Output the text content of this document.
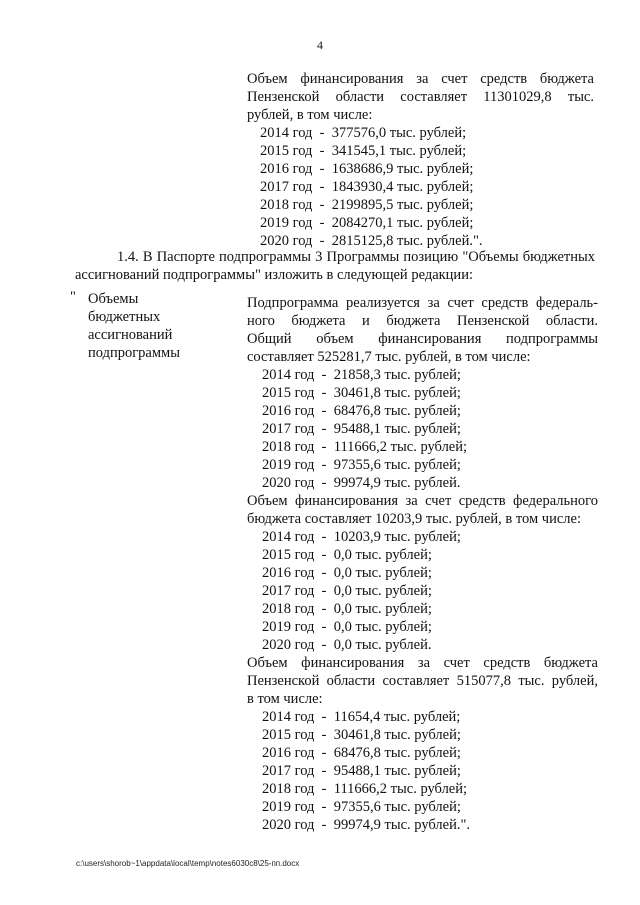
4
Объем финансирования за счет средств бюджета
Пензенской области составляет 11301029,8 тыс.
рублей, в том числе:
2014 год  -  377576,0 тыс. рублей;
2015 год  -  341545,1 тыс. рублей;
2016 год  -  1638686,9 тыс. рублей;
2017 год  -  1843930,4 тыс. рублей;
2018 год  -  2199895,5 тыс. рублей;
2019 год  -  2084270,1 тыс. рублей;
2020 год  -  2815125,8 тыс. рублей.".
1.4. В Паспорте подпрограммы 3 Программы позицию "Объемы бюджетных
ассигнований подпрограммы" изложить в следующей редакции:
" Объемы
бюджетных
ассигнований
подпрограммы
Подпрограмма реализуется за счет средств федераль-
ного бюджета и бюджета Пензенской области.
Общий объем финансирования подпрограммы
составляет 525281,7 тыс. рублей, в том числе:
2014 год  -  21858,3 тыс. рублей;
2015 год  -  30461,8 тыс. рублей;
2016 год  -  68476,8 тыс. рублей;
2017 год  -  95488,1 тыс. рублей;
2018 год  -  111666,2 тыс. рублей;
2019 год  -  97355,6 тыс. рублей;
2020 год  -  99974,9 тыс. рублей.
Объем финансирования за счет средств федерального
бюджета составляет 10203,9 тыс. рублей, в том числе:
2014 год  -  10203,9 тыс. рублей;
2015 год  -  0,0 тыс. рублей;
2016 год  -  0,0 тыс. рублей;
2017 год  -  0,0 тыс. рублей;
2018 год  -  0,0 тыс. рублей;
2019 год  -  0,0 тыс. рублей;
2020 год  -  0,0 тыс. рублей.
Объем финансирования за счет средств бюджета
Пензенской области составляет 515077,8 тыс. рублей,
в том числе:
2014 год  -  11654,4 тыс. рублей;
2015 год  -  30461,8 тыс. рублей;
2016 год  -  68476,8 тыс. рублей;
2017 год  -  95488,1 тыс. рублей;
2018 год  -  111666,2 тыс. рублей;
2019 год  -  97355,6 тыс. рублей;
2020 год  -  99974,9 тыс. рублей.".
c:\users\shorob~1\appdata\local\temp\notes6030c8\25-пп.docx
